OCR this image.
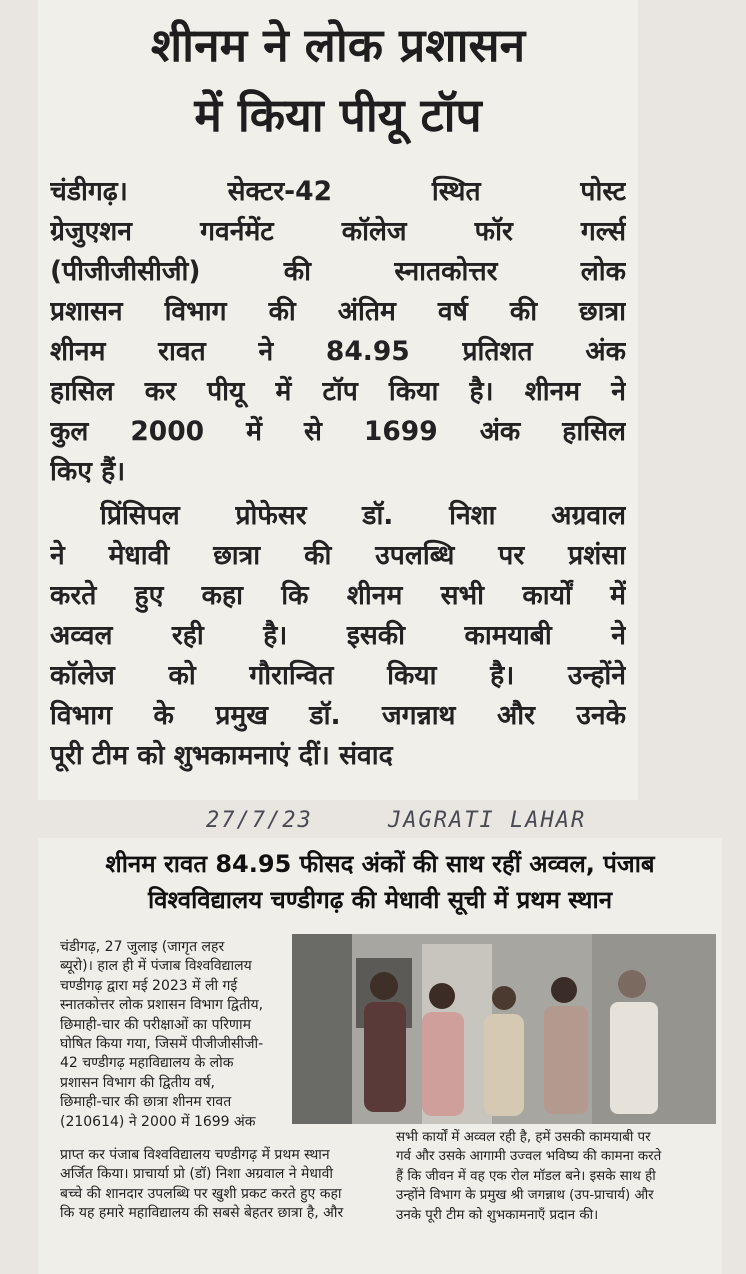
शीनम ने लोक प्रशासन
में किया पीयू टॉप
चंडीगढ़। सेक्टर-42 स्थित पोस्ट
ग्रेजुएशन गवर्नमेंट कॉलेज फॉर गर्ल्स
(पीजीजीसीजी) की स्नातकोत्तर लोक
प्रशासन विभाग की अंतिम वर्ष की छात्रा
शीनम रावत ने 84.95 प्रतिशत अंक
हासिल कर पीयू में टॉप किया है। शीनम ने
कुल 2000 में से 1699 अंक हासिल
किए हैं।
प्रिंसिपल प्रोफेसर डॉ. निशा अग्रवाल
ने मेधावी छात्रा की उपलब्धि पर प्रशंसा
करते हुए कहा कि शीनम सभी कार्यों में
अव्वल रही है। इसकी कामयाबी ने
कॉलेज को गौरान्वित किया है। उन्होंने
विभाग के प्रमुख डॉ. जगन्नाथ और उनके
पूरी टीम को शुभकामनाएं दीं। संवाद
27/7/23	JAGRATI LAHAR
शीनम रावत 84.95 फीसद अंकों की साथ रहीं अव्वल, पंजाब
विश्वविद्यालय चण्डीगढ़ की मेधावी सूची में प्रथम स्थान
चंडीगढ़, 27 जुलाइ (जागृत लहर
ब्यूरो)। हाल ही में पंजाब विश्वविद्यालय
चण्डीगढ़ द्वारा मई 2023 में ली गई
स्नातकोत्तर लोक प्रशासन विभाग द्वितीय,
छिमाही-चार की परीक्षाओं का परिणाम
घोषित किया गया, जिसमें पीजीजीसीजी-
42 चण्डीगढ़ महाविद्यालय के लोक
प्रशासन विभाग की द्वितीय वर्ष,
छिमाही-चार की छात्रा शीनम रावत
(210614) ने 2000 में 1699 अंक
सभी कार्यों में अव्वल रही है, हमें उसकी कामयाबी पर
गर्व और उसके आगामी उज्वल भविष्य की कामना करते
हैं कि जीवन में वह एक रोल मॉडल बने। इसके साथ ही
उन्होंने विभाग के प्रमुख श्री जगन्नाथ (उप-प्राचार्य) और
उनके पूरी टीम को शुभकामनाएँ प्रदान की।
प्राप्त कर पंजाब विश्वविद्यालय चण्डीगढ़ में प्रथम स्थान
अर्जित किया। प्राचार्या प्रो (डॉ) निशा अग्रवाल ने मेधावी
बच्चे की शानदार उपलब्धि पर खुशी प्रकट करते हुए कहा
कि यह हमारे महाविद्यालय की सबसे बेहतर छात्रा है, और
